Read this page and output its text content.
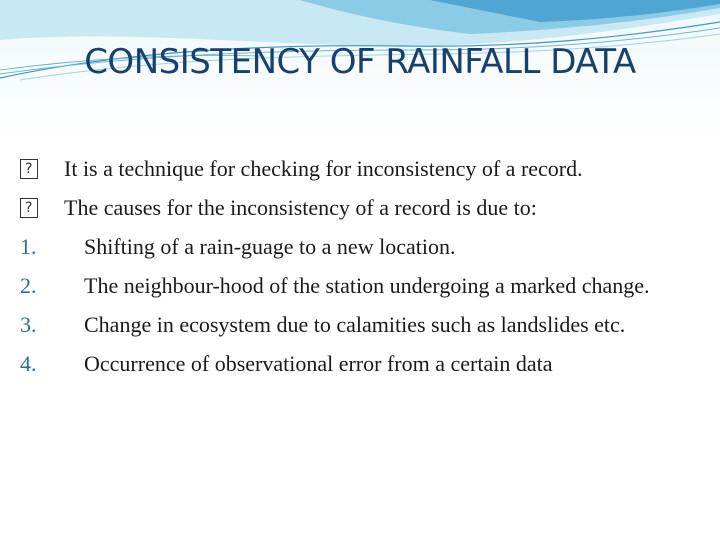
CONSISTENCY OF RAINFALL DATA
?
It is a technique for checking for inconsistency of a record.
?
The causes for the inconsistency of a record is due to:
1. Shifting of a rain-guage to a new location.
2. The neighbour-hood of the station undergoing a marked change.
3. Change in ecosystem due to calamities such as landslides etc.
4. Occurrence of observational error from a certain data
